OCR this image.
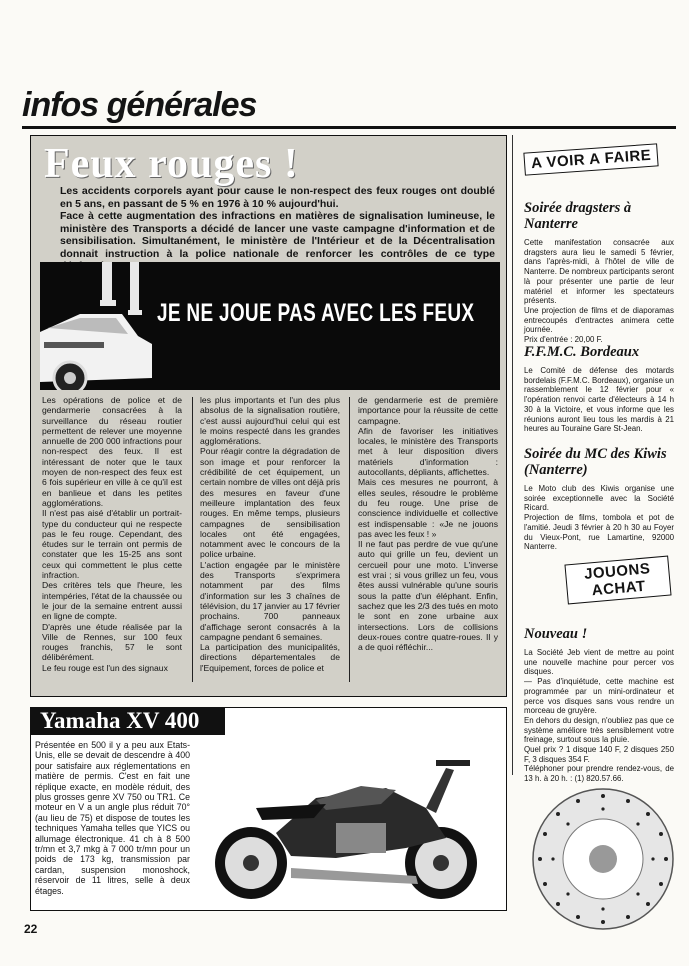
infos générales
Feux rouges !

Les accidents corporels ayant pour cause le non-respect des feux rouges ont doublé en 5 ans, en passant de 5 % en 1976 à 10 % aujourd'hui.

Face à cette augmentation des infractions en matières de signalisation lumineuse, le ministère des Transports a décidé de lancer une vaste campagne d'information et de sensibilisation. Simultanément, le ministère de l'Intérieur et de la Décentralisation donnait instruction à la police nationale de renforcer les contrôles de ce type

JE NE JOUE PAS AVEC LES FEUX
Les opérations de police et de gendarmerie consacrées à la surveillance du réseau routier permettent de relever une moyenne annuelle de 200 000 infractions pour non-respect des feux. Il est intéressant de noter que le taux moyen de non-respect des feux est 6 fois supérieur en ville à ce qu'il est en banlieue et dans les petites agglomérations.
Il n'est pas aisé d'établir un portrait-type du conducteur qui ne respecte pas le feu rouge. Cependant, des études sur le terrain ont permis de constater que les 15-25 ans sont ceux qui commettent le plus cette infraction.
Des critères tels que l'heure, les intempéries, l'état de la chaussée ou le jour de la semaine entrent aussi en ligne de compte.
D'après une étude réalisée par la Ville de Rennes, sur 100 feux rouges franchis, 57 le sont délibérément.
Le feu rouge est l'un des signaux
les plus importants et l'un des plus absolus de la signalisation routière, c'est aussi aujourd'hui celui qui est le moins respecté dans les grandes agglomérations.
Pour réagir contre la dégradation de son image et pour renforcer la crédibilité de cet équipement, un certain nombre de villes ont déjà pris des mesures en faveur d'une meilleure implantation des feux rouges. En même temps, plusieurs campagnes de sensibilisation locales ont été engagées, notamment avec le concours de la police urbaine.
L'action engagée par le ministère des Transports s'exprimera notamment par des films d'information sur les 3 chaînes de télévision, du 17 janvier au 17 février prochains. 700 panneaux d'affichage seront consacrés à la campagne pendant 6 semaines.
La participation des municipalités, directions départementales de l'Equipement, forces de police et
de gendarmerie est de première importance pour la réussite de cette campagne.
Afin de favoriser les initiatives locales, le ministère des Transports met à leur disposition divers matériels d'information : autocollants, dépliants, affichettes.
Mais ces mesures ne pourront, à elles seules, résoudre le problème du feu rouge. Une prise de conscience individuelle et collective est indispensable : «Je ne jouons pas avec les feux ! »
Il ne faut pas perdre de vue qu'une auto qui grille un feu, devient un cercueil pour une moto. L'inverse est vrai ; si vous grillez un feu, vous êtes aussi vulnérable qu'une souris sous la patte d'un éléphant. Enfin, sachez que les 2/3 des tués en moto le sont en zone urbaine aux intersections. Lors de collisions deux-roues contre quatre-roues. Il y a de quoi réfléchir...
Yamaha XV 400
Présentée en 500 il y a peu aux Etats-Unis, elle se devait de descendre à 400 pour satisfaire aux réglementations en matière de permis. C'est en fait une réplique exacte, en modèle réduit, des plus grosses genre XV 750 ou TR1. Ce moteur en V a un angle plus réduit 70° (au lieu de 75) et dispose de toutes les techniques Yamaha telles que YICS ou allumage électronique. 41 ch à 8 500 tr/mn et 3,7 mkg à 7 000 tr/mn pour un poids de 173 kg, transmission par cardan, suspension monoshock, réservoir de 11 litres, selle à deux étages.
22
A VOIR A FAIRE
Soirée dragsters à Nanterre
Cette manifestation consacrée aux dragsters aura lieu le samedi 5 février, dans l'après-midi, à l'hôtel de ville de Nanterre. De nombreux participants seront là pour présenter une partie de leur matériel et informer les spectateurs présents.
Une projection de films et de diaporamas entrecoupés d'entractes animera cette journée.
Prix d'entrée : 20,00 F.
F.F.M.C. Bordeaux
Le Comité de défense des motards bordelais (F.F.M.C. Bordeaux), organise un rassemblement le 12 février pour « l'opération renvoi carte d'électeurs à 14 h 30 à la Victoire, et vous informe que les réunions auront lieu tous les mardis à 21 heures au Touraine Gare St-Jean.
Soirée du MC des Kiwis (Nanterre)
Le Moto club des Kiwis organise une soirée exceptionnelle avec la Société Ricard.
Projection de films, tombola et pot de l'amitié. Jeudi 3 février à 20 h 30 au Foyer du Vieux-Pont, rue Lamartine, 92000 Nanterre.
JOUONS
ACHAT
Nouveau !
La Société Jeb vient de mettre au point une nouvelle machine pour percer vos disques.
— Pas d'inquiétude, cette machine est programmée par un mini-ordinateur et perce vos disques sans vous rendre un morceau de gruyère.
En dehors du design, n'oubliez pas que ce système améliore très sensiblement votre freinage, surtout sous la pluie.
Quel prix ? 1 disque 140 F, 2 disques 250 F, 3 disques 354 F.
Téléphoner pour prendre rendez-vous, de 13 h. à 20 h. : (1) 820.57.66.
